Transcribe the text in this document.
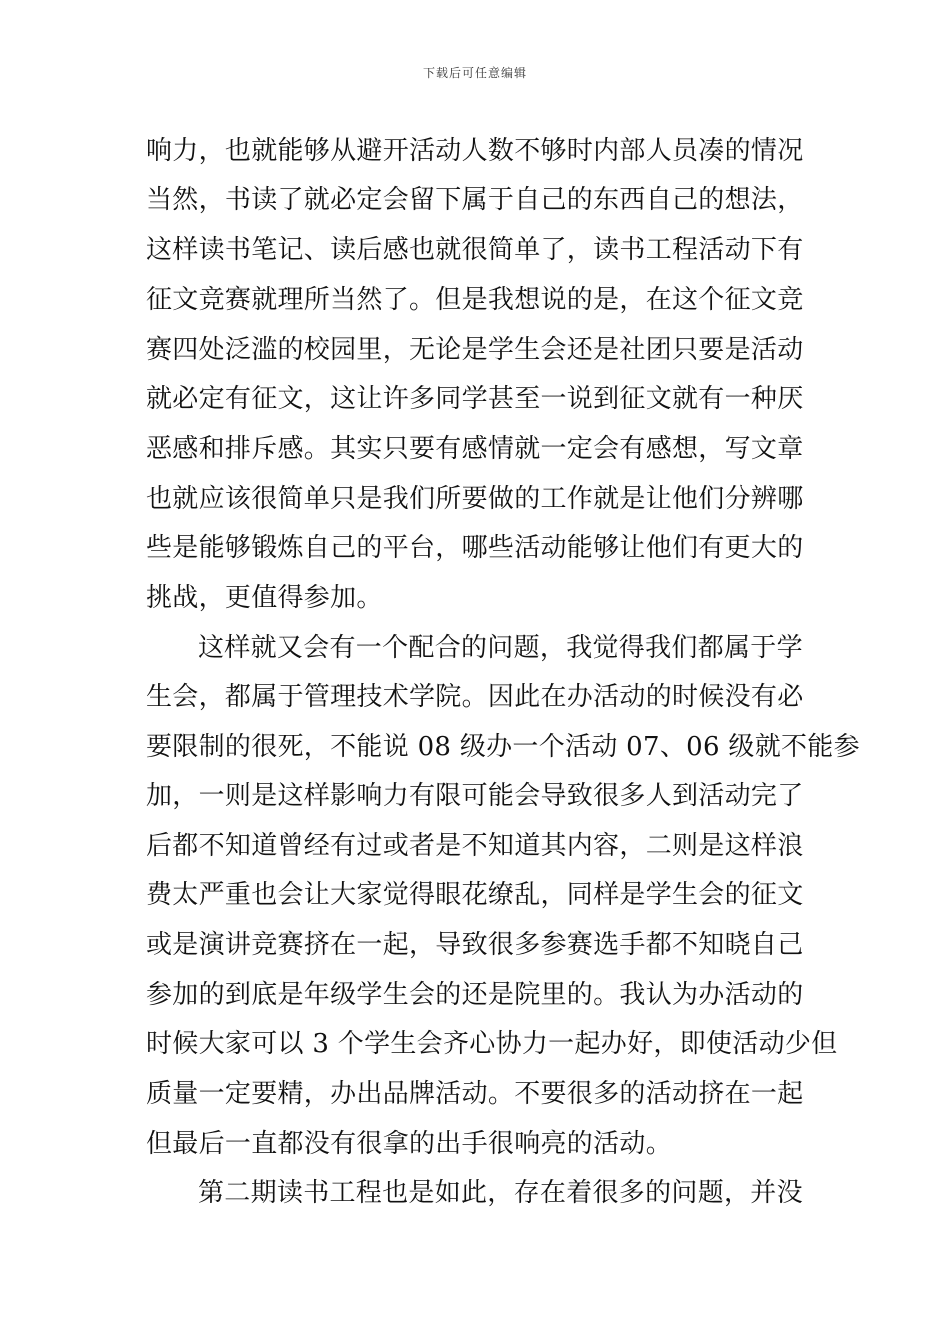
下载后可任意编辑
响力，也就能够从避开活动人数不够时内部人员凑的情况
当然，书读了就必定会留下属于自己的东西自己的想法，
这样读书笔记、读后感也就很简单了，读书工程活动下有
征文竞赛就理所当然了。但是我想说的是，在这个征文竞
赛四处泛滥的校园里，无论是学生会还是社团只要是活动
就必定有征文，这让许多同学甚至一说到征文就有一种厌
恶感和排斥感。其实只要有感情就一定会有感想，写文章
也就应该很简单只是我们所要做的工作就是让他们分辨哪
些是能够锻炼自己的平台，哪些活动能够让他们有更大的
挑战，更值得参加。
这样就又会有一个配合的问题，我觉得我们都属于学
生会，都属于管理技术学院。因此在办活动的时候没有必
要限制的很死，不能说 08 级办一个活动 07、06 级就不能参
加，一则是这样影响力有限可能会导致很多人到活动完了
后都不知道曾经有过或者是不知道其内容，二则是这样浪
费太严重也会让大家觉得眼花缭乱，同样是学生会的征文
或是演讲竞赛挤在一起，导致很多参赛选手都不知晓自己
参加的到底是年级学生会的还是院里的。我认为办活动的
时候大家可以 3 个学生会齐心协力一起办好，即使活动少但
质量一定要精，办出品牌活动。不要很多的活动挤在一起
但最后一直都没有很拿的出手很响亮的活动。
第二期读书工程也是如此，存在着很多的问题，并没
